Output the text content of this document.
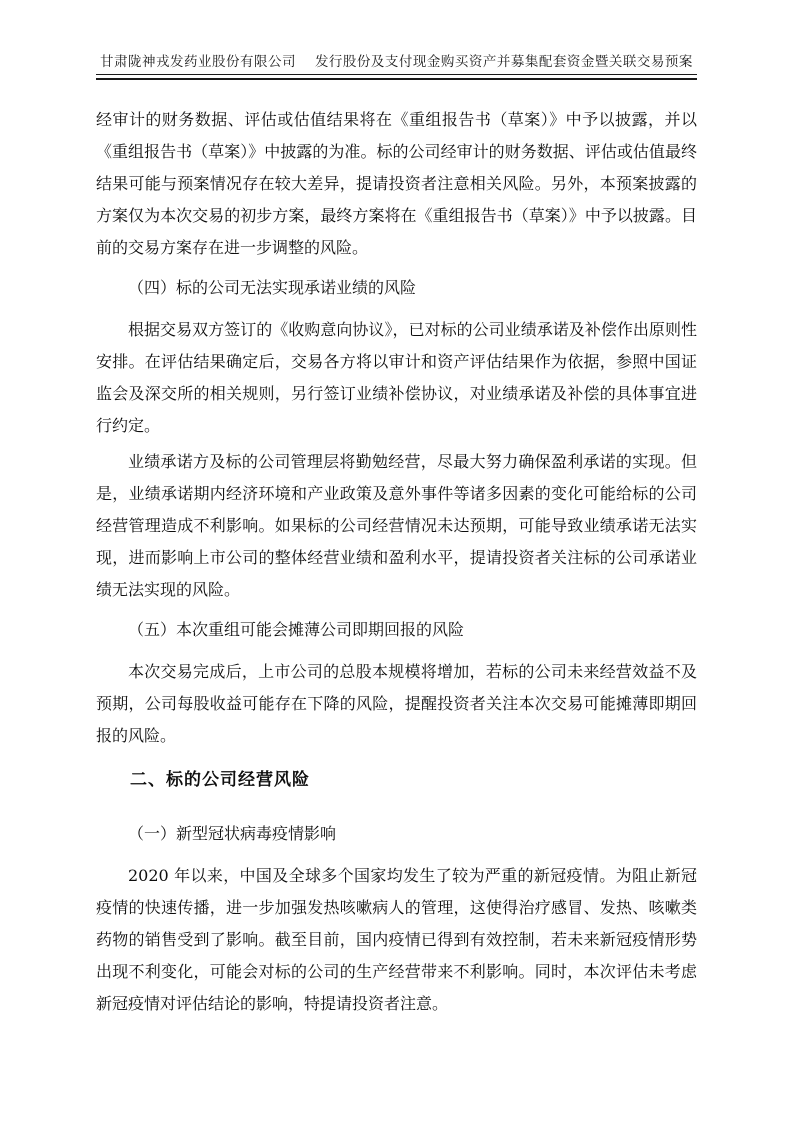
甘肃陇神戎发药业股份有限公司 发行股份及支付现金购买资产并募集配套资金暨关联交易预案

经审计的财务数据、评估或估值结果将在《重组报告书（草案）》中予以披露，并以《重组报告书（草案）》中披露的为准。标的公司经审计的财务数据、评估或估值最终结果可能与预案情况存在较大差异，提请投资者注意相关风险。另外，本预案披露的方案仅为本次交易的初步方案，最终方案将在《重组报告书（草案）》中予以披露。目前的交易方案存在进一步调整的风险。

（四）标的公司无法实现承诺业绩的风险

根据交易双方签订的《收购意向协议》，已对标的公司业绩承诺及补偿作出原则性安排。在评估结果确定后，交易各方将以审计和资产评估结果作为依据，参照中国证监会及深交所的相关规则，另行签订业绩补偿协议，对业绩承诺及补偿的具体事宜进行约定。

业绩承诺方及标的公司管理层将勤勉经营，尽最大努力确保盈利承诺的实现。但是，业绩承诺期内经济环境和产业政策及意外事件等诸多因素的变化可能给标的公司经营管理造成不利影响。如果标的公司经营情况未达预期，可能导致业绩承诺无法实现，进而影响上市公司的整体经营业绩和盈利水平，提请投资者关注标的公司承诺业绩无法实现的风险。

（五）本次重组可能会摊薄公司即期回报的风险

本次交易完成后，上市公司的总股本规模将增加，若标的公司未来经营效益不及预期，公司每股收益可能存在下降的风险，提醒投资者关注本次交易可能摊薄即期回报的风险。

二、标的公司经营风险
（一）新型冠状病毒疫情影响

2020 年以来，中国及全球多个国家均发生了较为严重的新冠疫情。为阻止新冠疫情的快速传播，进一步加强发热咳嗽病人的管理，这使得治疗感冒、发热、咳嗽类药物的销售受到了影响。截至目前，国内疫情已得到有效控制，若未来新冠疫情形势出现不利变化，可能会对标的公司的生产经营带来不利影响。同时，本次评估未考虑新冠疫情对评估结论的影响，特提请投资者注意。
